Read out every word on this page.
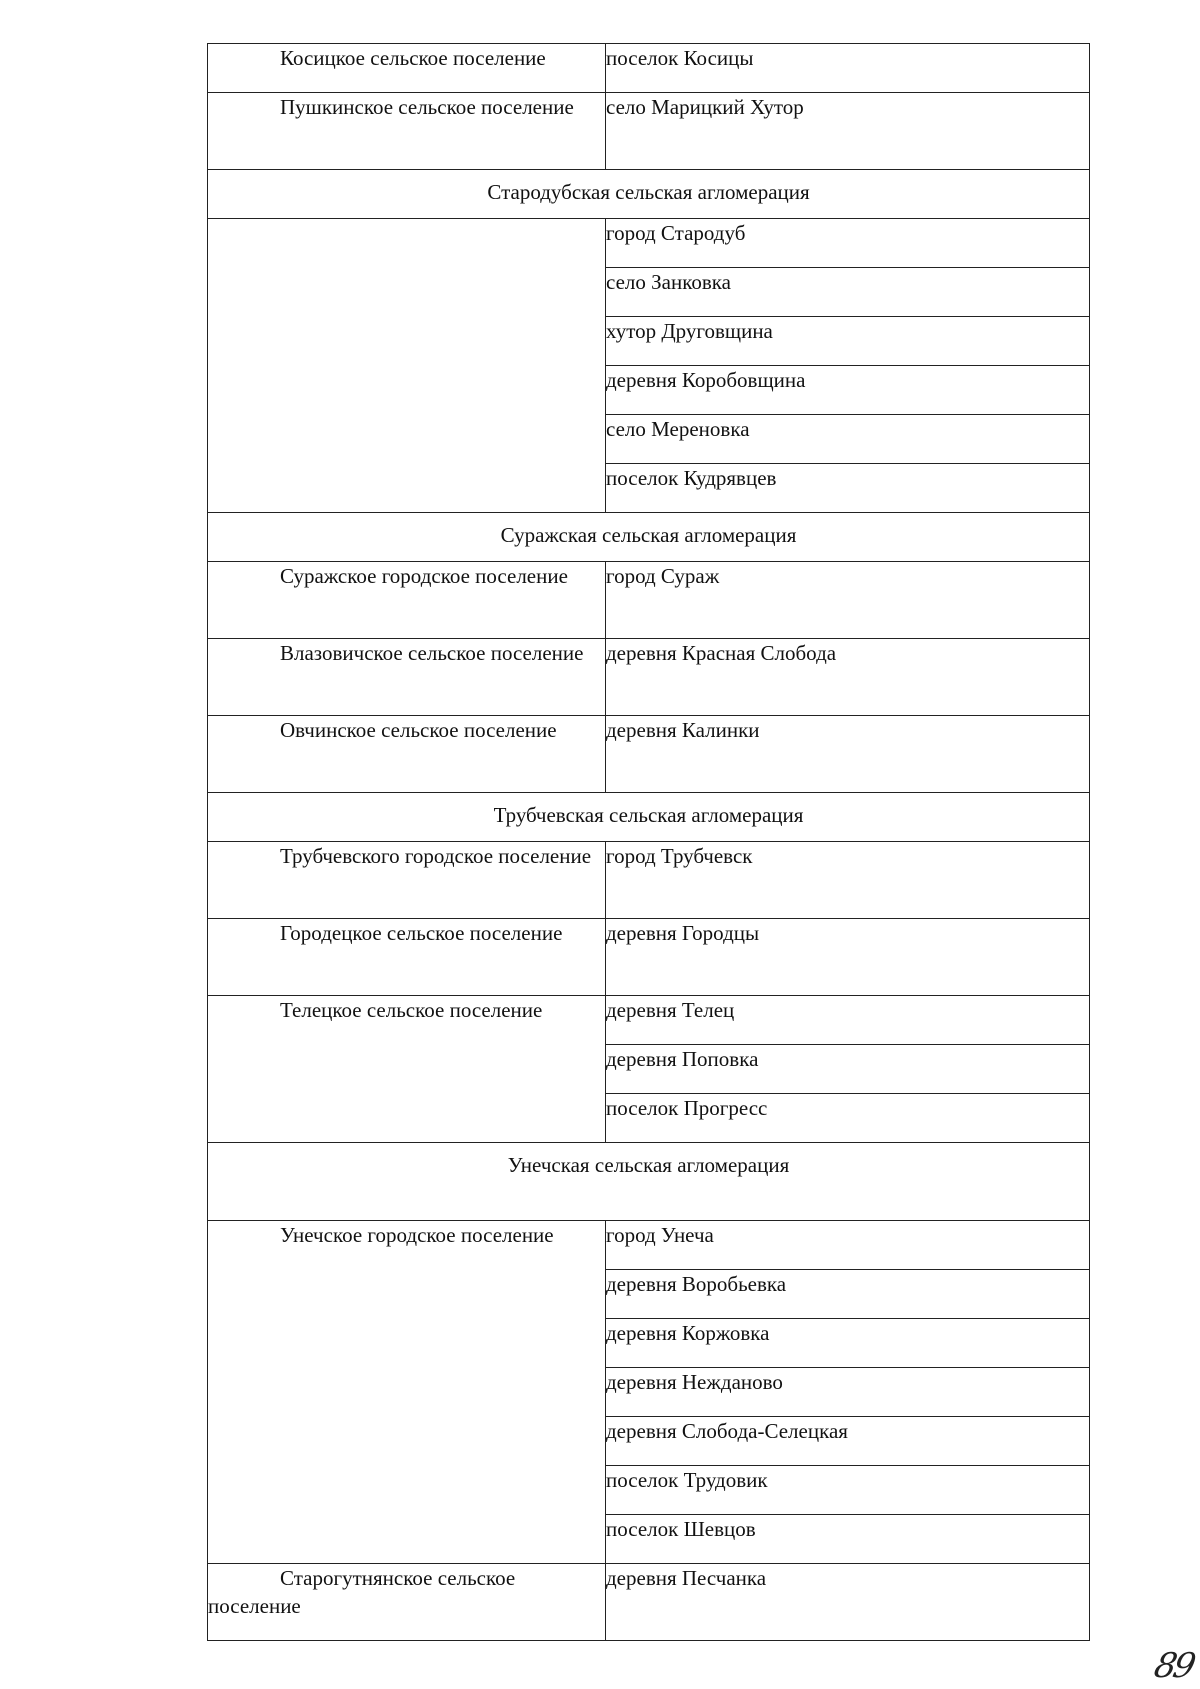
Косицкое сельское поселение	поселок Косицы
Пушкинское сельское поселение	село Марицкий Хутор
Стародубская сельская агломерация	
	город Стародуб
	село Занковка
	хутор Друговщина
	деревня Коробовщина
	село Мереновка
	поселок Кудрявцев
Суражская сельская агломерация	
Суражское городское поселение	город Сураж
Влазовичское сельское поселение	деревня Красная Слобода
Овчинское сельское поселение	деревня Калинки
Трубчевская сельская агломерация	
Трубчевского городское поселение	город Трубчевск
Городецкое сельское поселение	деревня Городцы
Телецкое сельское поселение	деревня Телец
	деревня Поповка
	поселок Прогресс
Унечская сельская агломерация	
Унечское городское поселение	город Унеча
	деревня Воробьевка
	деревня Коржовка
	деревня Нежданово
	деревня Слобода-Селецкая
	поселок Трудовик
	поселок Шевцов
Старогутнянское сельское поселение	деревня Песчанка
89
